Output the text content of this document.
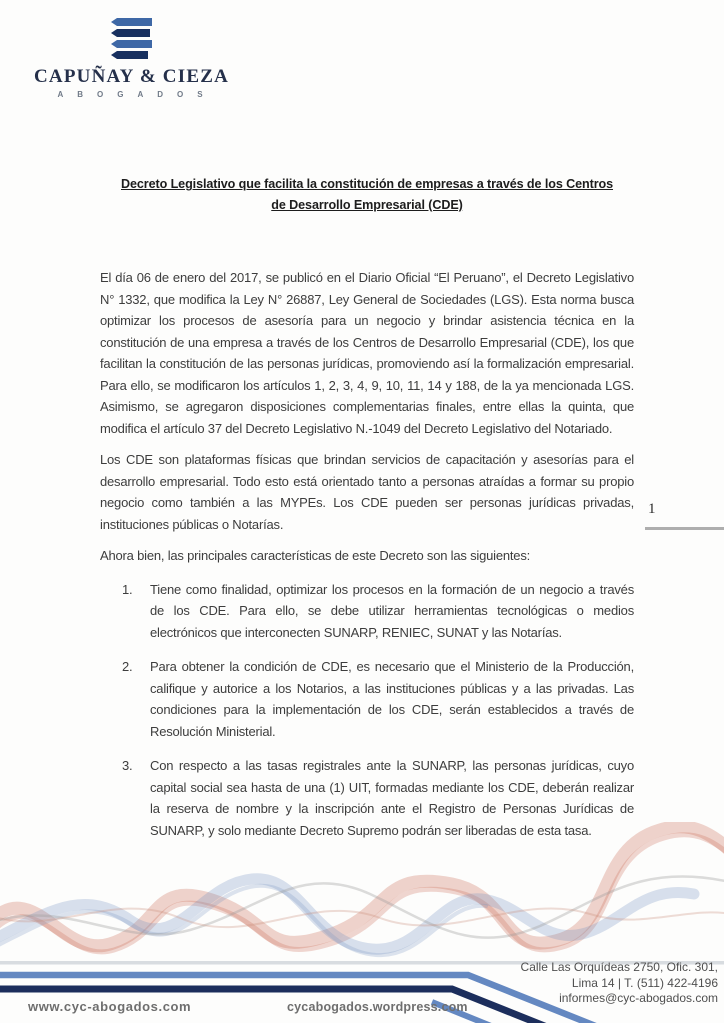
CAPUÑAY & CIEZA
ABOGADOS
Decreto Legislativo que facilita la constitución de empresas a través de los Centros
de Desarrollo Empresarial (CDE)

El día 06 de enero del 2017, se publicó en el Diario Oficial “El Peruano”, el Decreto Legislativo N° 1332, que modifica la Ley N° 26887, Ley General de Sociedades (LGS). Esta norma busca optimizar los procesos de asesoría para un negocio y brindar asistencia técnica en la constitución de una empresa a través de los Centros de Desarrollo Empresarial (CDE), los que facilitan la constitución de las personas jurídicas, promoviendo así la formalización empresarial. Para ello, se modificaron los artículos 1, 2, 3, 4, 9, 10, 11, 14 y 188, de la ya mencionada LGS. Asimismo, se agregaron disposiciones complementarias finales, entre ellas la quinta, que modifica el artículo 37 del Decreto Legislativo N.-1049 del Decreto Legislativo del Notariado.

Los CDE son plataformas físicas que brindan servicios de capacitación y asesorías para el desarrollo empresarial. Todo esto está orientado tanto a personas atraídas a formar su propio negocio como también a las MYPEs. Los CDE pueden ser personas jurídicas privadas, instituciones públicas o Notarías.

Ahora bien, las principales características de este Decreto son las siguientes:

1.	Tiene como finalidad, optimizar los procesos en la formación de un negocio a través de los CDE. Para ello, se debe utilizar herramientas tecnológicas o medios electrónicos que interconecten SUNARP, RENIEC, SUNAT y las Notarías.
2.	Para obtener la condición de CDE, es necesario que el Ministerio de la Producción, califique y autorice a los Notarios, a las instituciones públicas y a las privadas. Las condiciones para la implementación de los CDE, serán establecidos a través de Resolución Ministerial.
3.	Con respecto a las tasas registrales ante la SUNARP, las personas jurídicas, cuyo capital social sea hasta de una (1) UIT, formadas mediante los CDE, deberán realizar la reserva de nombre y la inscripción ante el Registro de Personas Jurídicas de SUNARP, y solo mediante Decreto Supremo podrán ser liberadas de esta tasa.
1
www.cyc-abogados.com	cycabogados.wordpress.com
Calle Las Orquídeas 2750, Ofic. 301,
Lima 14 | T. (511) 422-4196
informes@cyc-abogados.com
